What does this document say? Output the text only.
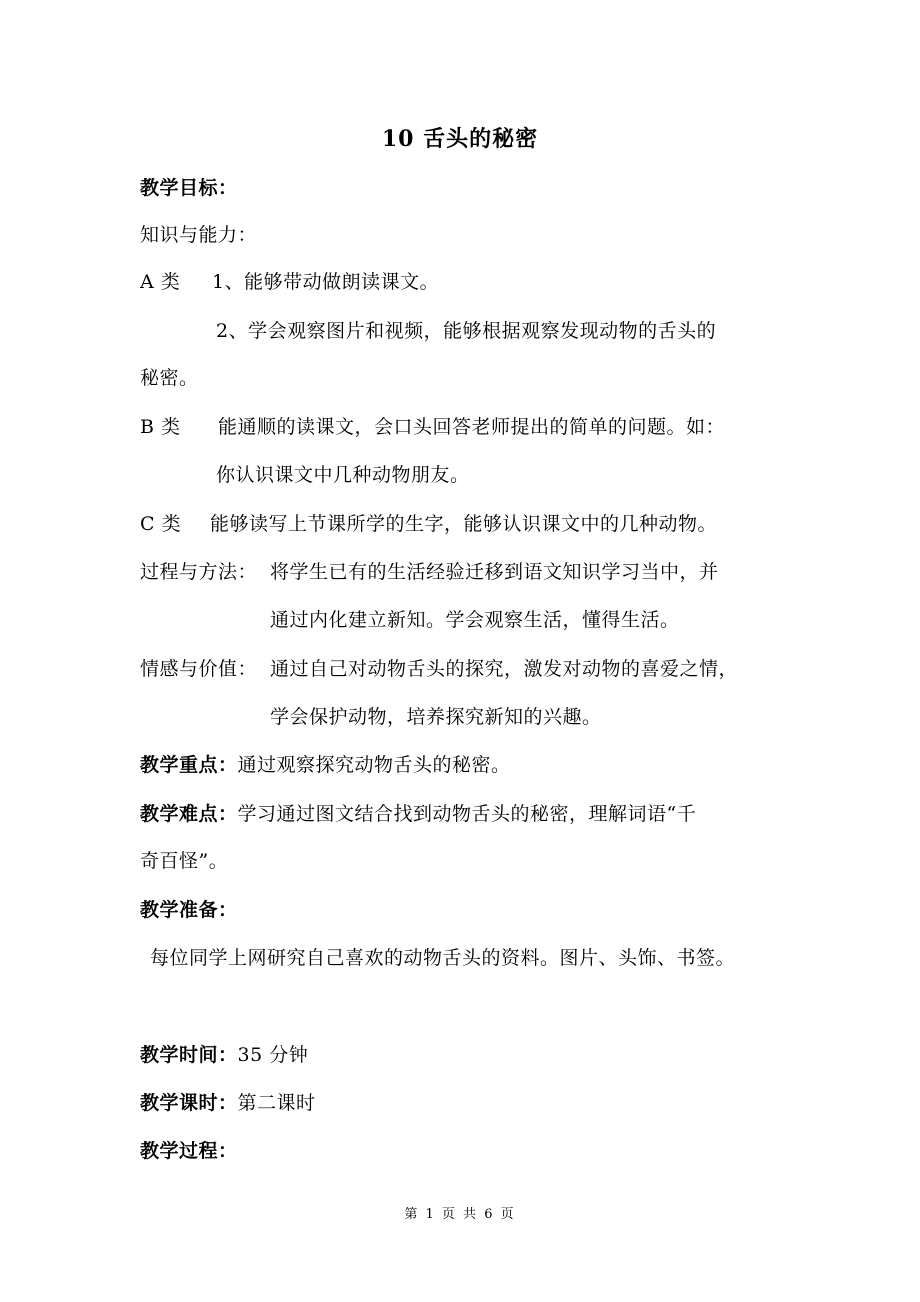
10 舌头的秘密
教学目标：
知识与能力：
A 类 1、能够带动做朗读课文。
2、学会观察图片和视频，能够根据观察发现动物的舌头的
秘密。
B 类 能通顺的读课文，会口头回答老师提出的简单的问题。如：
你认识课文中几种动物朋友。
C 类 能够读写上节课所学的生字，能够认识课文中的几种动物。
过程与方法： 将学生已有的生活经验迁移到语文知识学习当中，并
通过内化建立新知。学会观察生活，懂得生活。
情感与价值： 通过自己对动物舌头的探究，激发对动物的喜爱之情，
学会保护动物，培养探究新知的兴趣。
教学重点：通过观察探究动物舌头的秘密。
教学难点：学习通过图文结合找到动物舌头的秘密，理解词语“千
奇百怪”。
教学准备：
每位同学上网研究自己喜欢的动物舌头的资料。图片、头饰、书签。
教学时间：35 分钟
教学课时：第二课时
教学过程：
第 1 页 共 6 页
